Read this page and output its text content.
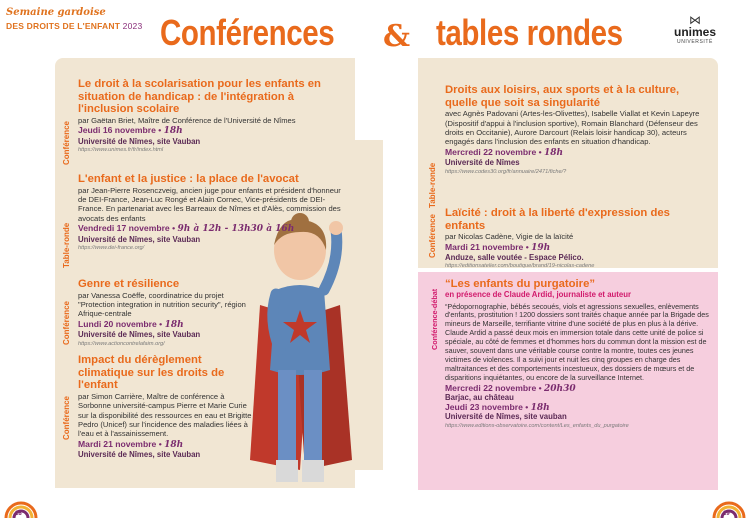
Semaine gardoise
DES DROITS DE L'ENFANT 2023 Conférences & tables rondes	⋈
unimes
UNIVERSITÉ
Le droit à la scolarisation pour les enfants en situation de handicap : de l'intégration à l'inclusion scolaire
par Gaëtan Briet, Maître de Conférence de l'Université de Nîmes
Jeudi 16 novembre • 18h
Université de Nîmes, site Vauban
https://www.unimes.fr/fr/index.html
Conférence
L'enfant et la justice : la place de l'avocat
par Jean-Pierre Rosenczveig, ancien juge pour enfants et président d'honneur de DEI-France, Jean-Luc Rongé et Alain Cornec, Vice-présidents de DEI-France. En partenariat avec les Barreaux de Nîmes et d'Alès, commission des avocats des enfants
Vendredi 17 novembre • 9h à 12h - 13h30 à 16h
Université de Nîmes, site Vauban
https://www.dei-france.org/
Table-ronde
Genre et résilience
par Vanessa Coëffe, coordinatrice du projet "Protection integration in nutrition security", région Afrique-centrale
Lundi 20 novembre • 18h
Université de Nîmes, site Vauban
https://www.actioncontrelafaim.org/
Conférence
Impact du dérèglement climatique sur les droits de l'enfant
par Simon Carrière, Maître de conférence à Sorbonne université-campus Pierre et Marie Curie sur la disponibilité des ressources en eau et Brigitte Pedro (Unicef) sur l'incidence des maladies liées à l'eau et à l'assainissement.
Mardi 21 novembre • 18h
Université de Nîmes, site Vauban
Conférence
Droits aux loisirs, aux sports et à la culture, quelle que soit sa singularité
avec Agnès Padovani (Artes-les-Olivettes), Isabelle Viallat et Kevin Lapeyre (Dispositif d'appui à l'inclusion sportive), Romain Blanchard (Défenseur des droits en Occitanie), Aurore Darcourt (Relais loisir handicap 30), acteurs engagés dans l'inclusion des enfants en situation d'handicap.
Mercredi 22 novembre • 18h
Université de Nîmes
https://www.codes30.org/fr/annuaire/2471/fiche/?
Table-ronde
Laïcité : droit à la liberté d'expression des enfants
par Nicolas Cadène, Vigie de la laïcité
Mardi 21 novembre • 19h
Anduze, salle voutée - Espace Pélico.
https://editionsatelier.com/boutique/brand/19-nicolas-cadene
Conférence
“Les enfants du purgatoire”
en présence de Claude Ardid, journaliste et auteur
“Pédopornographie, bébés secoués, viols et agressions sexuelles, enlèvements d'enfants, prostitution ! 1200 dossiers sont traités chaque année par la Brigade des mineurs de Marseille, terrifiante vitrine d'une société de plus en plus à la dérive. Claude Ardid a passé deux mois en immersion totale dans cette unité de police si spéciale, au côté de femmes et d'hommes hors du commun dont la mission est de sauver, souvent dans une véritable course contre la montre, toutes ces jeunes victimes de violences. Il a suivi jour et nuit les cinq groupes en charge des maltraitances et des comportements incestueux, des dossiers de mœurs et de disparitions inquiétantes, ou encore de la surveillance Internet.
Mercredi 22 novembre • 20h30
Barjac, au château
Jeudi 23 novembre • 18h
Université de Nîmes, site vauban
https://www.editions-observatoire.com/content/Les_enfants_du_purgatoire
Conférence-débat
18	19
